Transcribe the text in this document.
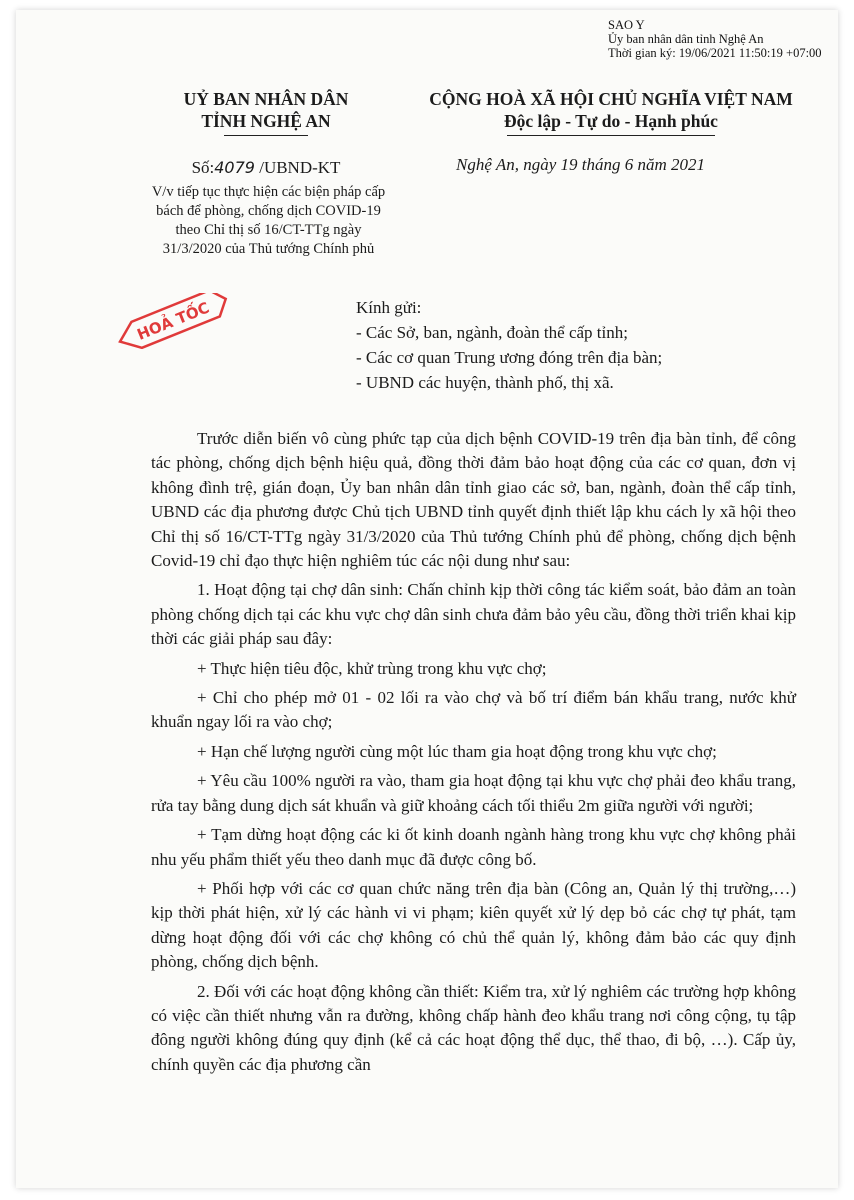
SAO Y
Ủy ban nhân dân tỉnh Nghệ An
Thời gian ký: 19/06/2021 11:50:19 +07:00
UỶ BAN NHÂN DÂN
TỈNH NGHỆ AN
CỘNG HOÀ XÃ HỘI CHỦ NGHĨA VIỆT NAM
Độc lập - Tự do - Hạnh phúc
Số:4079 /UBND-KT	Nghệ An, ngày 19 tháng 6 năm 2021
V/v tiếp tục thực hiện các biện pháp cấp bách để phòng, chống dịch COVID-19 theo Chỉ thị số 16/CT-TTg ngày 31/3/2020 của Thủ tướng Chính phủ
HOẢ TỐC	Kính gửi:
- Các Sở, ban, ngành, đoàn thể cấp tỉnh;
- Các cơ quan Trung ương đóng trên địa bàn;
- UBND các huyện, thành phố, thị xã.

Trước diễn biến vô cùng phức tạp của dịch bệnh COVID-19 trên địa bàn tỉnh, để công tác phòng, chống dịch bệnh hiệu quả, đồng thời đảm bảo hoạt động của các cơ quan, đơn vị không đình trệ, gián đoạn, Ủy ban nhân dân tỉnh giao các sở, ban, ngành, đoàn thể cấp tỉnh, UBND các địa phương được Chủ tịch UBND tỉnh quyết định thiết lập khu cách ly xã hội theo Chỉ thị số 16/CT-TTg ngày 31/3/2020 của Thủ tướng Chính phủ để phòng, chống dịch bệnh Covid-19 chỉ đạo thực hiện nghiêm túc các nội dung như sau:

1. Hoạt động tại chợ dân sinh: Chấn chỉnh kịp thời công tác kiểm soát, bảo đảm an toàn phòng chống dịch tại các khu vực chợ dân sinh chưa đảm bảo yêu cầu, đồng thời triển khai kịp thời các giải pháp sau đây:

+ Thực hiện tiêu độc, khử trùng trong khu vực chợ;

+ Chỉ cho phép mở 01 - 02 lối ra vào chợ và bố trí điểm bán khẩu trang, nước khử khuẩn ngay lối ra vào chợ;

+ Hạn chế lượng người cùng một lúc tham gia hoạt động trong khu vực chợ;

+ Yêu cầu 100% người ra vào, tham gia hoạt động tại khu vực chợ phải đeo khẩu trang, rửa tay bằng dung dịch sát khuẩn và giữ khoảng cách tối thiểu 2m giữa người với người;

+ Tạm dừng hoạt động các ki ốt kinh doanh ngành hàng trong khu vực chợ không phải nhu yếu phẩm thiết yếu theo danh mục đã được công bố.

+ Phối hợp với các cơ quan chức năng trên địa bàn (Công an, Quản lý thị trường,…) kịp thời phát hiện, xử lý các hành vi vi phạm; kiên quyết xử lý dẹp bỏ các chợ tự phát, tạm dừng hoạt động đối với các chợ không có chủ thể quản lý, không đảm bảo các quy định phòng, chống dịch bệnh.

2. Đối với các hoạt động không cần thiết: Kiểm tra, xử lý nghiêm các trường hợp không có việc cần thiết nhưng vẫn ra đường, không chấp hành đeo khẩu trang nơi công cộng, tụ tập đông người không đúng quy định (kể cả các hoạt động thể dục, thể thao, đi bộ, …). Cấp ủy, chính quyền các địa phương cần
